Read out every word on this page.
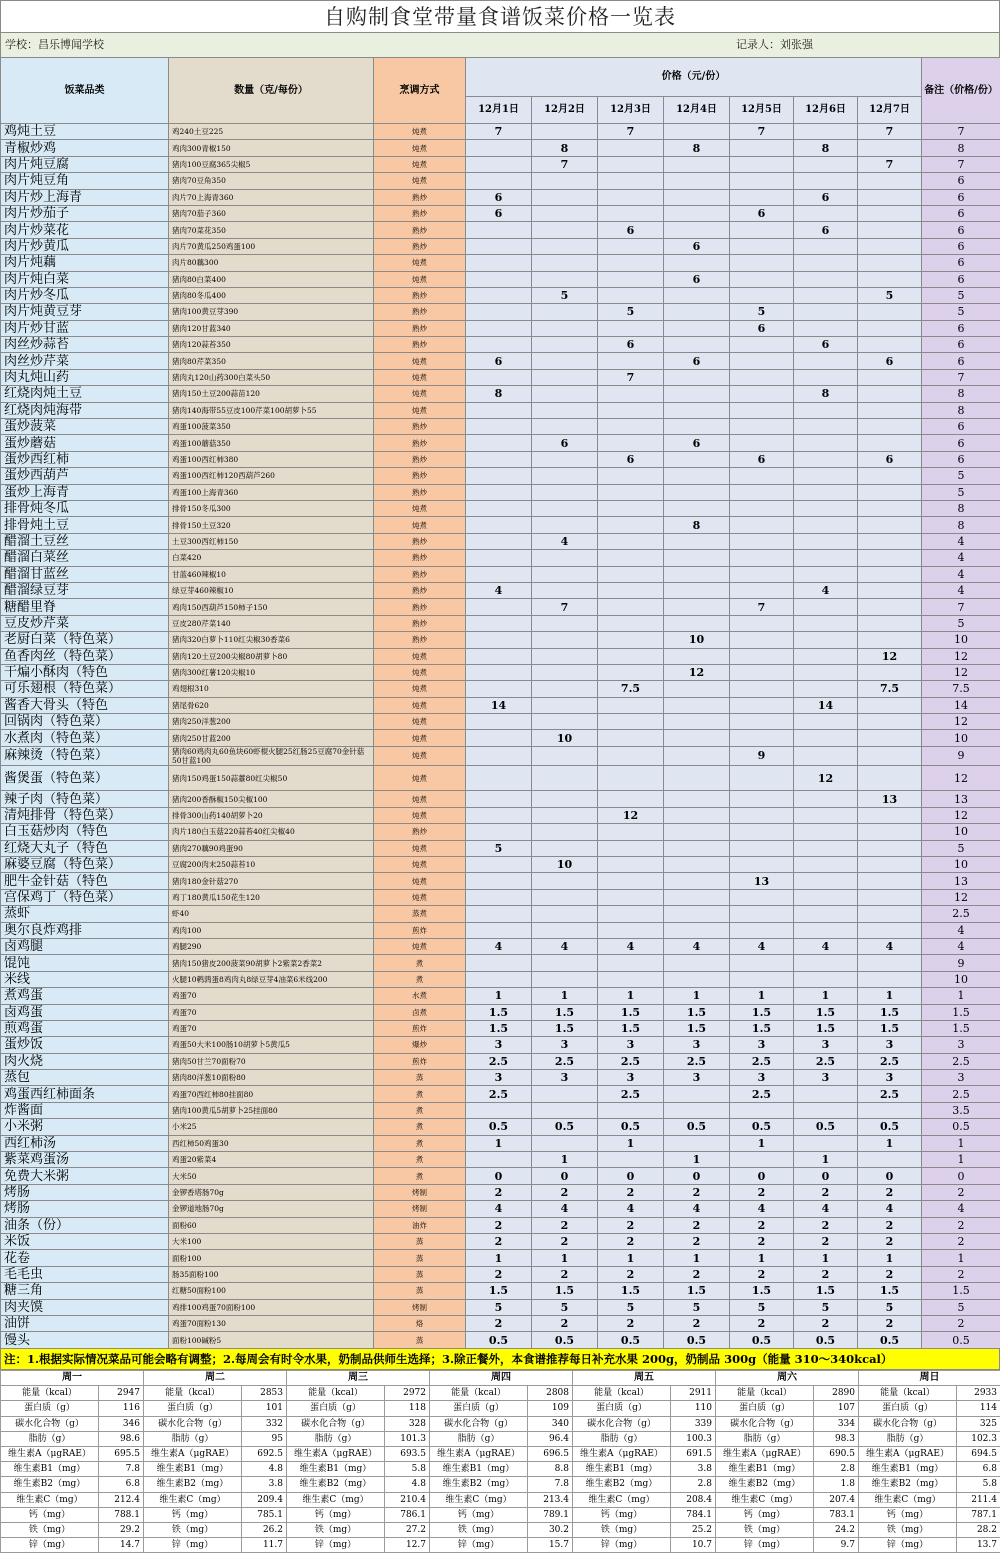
自购制食堂带量食谱饭菜价格一览表
学校：昌乐博闻学校	记录人：刘张强
饭菜品类	数量（克/每份）	烹调方式	价格（元/份）							备注（价格/份）
			12月1日	12月2日	12月3日	12月4日	12月5日	12月6日	12月7日	
鸡炖土豆	鸡240土豆225	炖煮	7		7		7		7	7
青椒炒鸡	鸡肉300青椒150	炖煮		8		8		8		8
肉片炖豆腐	猪肉100豆腐365尖椒5	炖煮		7					7	7
肉片炖豆角	猪肉70豆角350	炖煮								6
肉片炒上海青	肉片70上海青360	熟炒	6					6		6
肉片炒茄子	猪肉70茄子360	熟炒	6				6			6
肉片炒菜花	猪肉70菜花350	熟炒			6			6		6
肉片炒黄瓜	肉片70黄瓜250鸡蛋100	熟炒				6				6
肉片炖藕	肉片80藕300	炖煮								6
肉片炖白菜	猪肉80白菜400	炖煮				6				6
肉片炒冬瓜	猪肉80冬瓜400	熟炒		5					5	5
肉片炖黄豆芽	猪肉100黄豆芽390	熟炒			5		5			5
肉片炒甘蓝	猪肉120甘蓝340	熟炒					6			6
肉丝炒蒜苔	猪肉120蒜苔350	熟炒			6			6		6
肉丝炒芹菜	猪肉80芹菜350	炖煮	6			6			6	6
肉丸炖山药	猪肉丸120山药300白菜头50	炖煮			7					7
红烧肉炖土豆	猪肉150土豆200蒜苗120	炖煮	8					8		8
红烧肉炖海带	猪肉140海带55豆皮100芹菜100胡萝卜55	炖煮								8
蛋炒菠菜	鸡蛋100菠菜350	熟炒								6
蛋炒蘑菇	鸡蛋100蘑菇350	熟炒		6		6				6
蛋炒西红柿	鸡蛋100西红柿380	熟炒			6		6		6	6
蛋炒西葫芦	鸡蛋100西红柿120西葫芦260	熟炒								5
蛋炒上海青	鸡蛋100上海青360	熟炒								5
排骨炖冬瓜	排骨150冬瓜300	炖煮								8
排骨炖土豆	排骨150土豆320	炖煮				8				8
醋溜土豆丝	土豆300西红柿150	熟炒		4						4
醋溜白菜丝	白菜420	熟炒								4
醋溜甘蓝丝	甘蓝460辣椒10	熟炒								4
醋溜绿豆芽	绿豆芽460辣椒10	熟炒	4					4		4
糖醋里脊	鸡肉150西葫芦150柿子150	熟炒		7			7			7
豆皮炒芹菜	豆皮280芹菜140	熟炒								5
老厨白菜（特色菜）	猪肉320白萝卜110红尖椒30香菜6	熟炒				10				10
鱼香肉丝（特色菜）	猪肉120土豆200尖椒80胡萝卜80	炖煮							12	12
干煸小酥肉（特色	猪肉300红薯120尖椒10	炖煮				12				12
可乐翅根（特色菜）	鸡翅根310	炖煮			7.5				7.5	7.5
酱香大骨头（特色	猪尾骨620	炖煮	14					14		14
回锅肉（特色菜）	猪肉250洋葱200	炖煮								12
水煮肉（特色菜）	猪肉250甘蓝200	炖煮		10						10
麻辣烫（特色菜）	猪肉60鸡肉丸60鱼块60虾棍火腿25红肠25豆腐70金针菇50甘蓝100	炖煮					9			9
酱煲蛋（特色菜）	猪肉150鸡蛋150蒜薹80红尖椒50	炖煮						12		12
辣子肉（特色菜）	猪肉200香酥椒150尖椒100	炖煮							13	13
清炖排骨（特色菜）	排骨300山药140胡萝卜20	炖煮			12					12
白玉菇炒肉（特色	肉片180白玉菇220蒜苔40红尖椒40	熟炒								10
红烧大丸子（特色	猪肉270藕90鸡蛋90	炖煮	5							5
麻婆豆腐（特色菜）	豆腐200肉末250蒜苔10	炖煮		10						10
肥牛金针菇（特色	猪肉180金针菇270	炖煮					13			13
宫保鸡丁（特色菜）	鸡丁180黄瓜150花生120	炖煮								12
蒸虾	虾40	蒸煮								2.5
奥尔良炸鸡排	鸡肉100	煎炸								4
卤鸡腿	鸡腿290	炖煮	4	4	4	4	4	4	4	4
馄饨	猪肉150猪皮200菠菜90胡萝卜2紫菜2香菜2	煮								9
米线	火腿10鹌鹑蛋8鸡肉丸8绿豆芽4油菜6米线200	煮								10
煮鸡蛋	鸡蛋70	水煮	1	1	1	1	1	1	1	1
卤鸡蛋	鸡蛋70	卤煮	1.5	1.5	1.5	1.5	1.5	1.5	1.5	1.5
煎鸡蛋	鸡蛋70	煎炸	1.5	1.5	1.5	1.5	1.5	1.5	1.5	1.5
蛋炒饭	鸡蛋50大米100肠10胡萝卜5黄瓜5	爆炒	3	3	3	3	3	3	3	3
肉火烧	猪肉50甘兰70面粉70	煎炸	2.5	2.5	2.5	2.5	2.5	2.5	2.5	2.5
蒸包	猪肉80洋葱10面粉80	蒸	3	3	3	3	3	3	3	3
鸡蛋西红柿面条	鸡蛋70西红柿80挂面80	煮	2.5		2.5		2.5		2.5	2.5
炸酱面	猪肉100黄瓜5胡萝卜25挂面80	煮								3.5
小米粥	小米25	煮	0.5	0.5	0.5	0.5	0.5	0.5	0.5	0.5
西红柿汤	西红柿50鸡蛋30	煮	1		1		1		1	1
紫菜鸡蛋汤	鸡蛋20紫菜4	煮		1		1		1		1
免费大米粥	大米50	煮	0	0	0	0	0	0	0	0
烤肠	金锣香塔肠70g	烤制	2	2	2	2	2	2	2	2
烤肠	金锣道地肠70g	烤制	4	4	4	4	4	4	4	4
油条（份）	面粉60	油炸	2	2	2	2	2	2	2	2
米饭	大米100	蒸	2	2	2	2	2	2	2	2
花卷	面粉100	蒸	1	1	1	1	1	1	1	1
毛毛虫	肠35面粉100	蒸	2	2	2	2	2	2	2	2
糖三角	红糖50面粉100	蒸	1.5	1.5	1.5	1.5	1.5	1.5	1.5	1.5
肉夹馍	鸡排100鸡蛋70面粉100	烤制	5	5	5	5	5	5	5	5
油饼	鸡蛋70面粉130	烙	2	2	2	2	2	2	2	2
馒头	面粉100碱粉5	蒸	0.5	0.5	0.5	0.5	0.5	0.5	0.5	0.5
注：1.根据实际情况菜品可能会略有调整；2.每周会有时令水果，奶制品供师生选择；3.除正餐外，本食谱推荐每日补充水果 200g，奶制品 300g（能量 310～340kcal）
周一		周二		周三		周四		周五		周六		周日	
能量（kcal）	2947	能量（kcal）	2853	能量（kcal）	2972	能量（kcal）	2808	能量（kcal）	2911	能量（kcal）	2890	能量（kcal）	2933
蛋白质（g）	116	蛋白质（g）	101	蛋白质（g）	118	蛋白质（g）	109	蛋白质（g）	110	蛋白质（g）	107	蛋白质（g）	114
碳水化合物（g）	346	碳水化合物（g）	332	碳水化合物（g）	328	碳水化合物（g）	340	碳水化合物（g）	339	碳水化合物（g）	334	碳水化合物（g）	325
脂肪（g）	98.6	脂肪（g）	95	脂肪（g）	101.3	脂肪（g）	96.4	脂肪（g）	100.3	脂肪（g）	98.3	脂肪（g）	102.3
维生素A（μgRAE）	695.5	维生素A（μgRAE）	692.5	维生素A（μgRAE）	693.5	维生素A（μgRAE）	696.5	维生素A（μgRAE）	691.5	维生素A（μgRAE）	690.5	维生素A（μgRAE）	694.5
维生素B1（mg）	7.8	维生素B1（mg）	4.8	维生素B1（mg）	5.8	维生素B1（mg）	8.8	维生素B1（mg）	3.8	维生素B1（mg）	2.8	维生素B1（mg）	6.8
维生素B2（mg）	6.8	维生素B2（mg）	3.8	维生素B2（mg）	4.8	维生素B2（mg）	7.8	维生素B2（mg）	2.8	维生素B2（mg）	1.8	维生素B2（mg）	5.8
维生素C（mg）	212.4	维生素C（mg）	209.4	维生素C（mg）	210.4	维生素C（mg）	213.4	维生素C（mg）	208.4	维生素C（mg）	207.4	维生素C（mg）	211.4
钙（mg）	788.1	钙（mg）	785.1	钙（mg）	786.1	钙（mg）	789.1	钙（mg）	784.1	钙（mg）	783.1	钙（mg）	787.1
铁（mg）	29.2	铁（mg）	26.2	铁（mg）	27.2	铁（mg）	30.2	铁（mg）	25.2	铁（mg）	24.2	铁（mg）	28.2
锌（mg）	14.7	锌（mg）	11.7	锌（mg）	12.7	锌（mg）	15.7	锌（mg）	10.7	锌（mg）	9.7	锌（mg）	13.7
